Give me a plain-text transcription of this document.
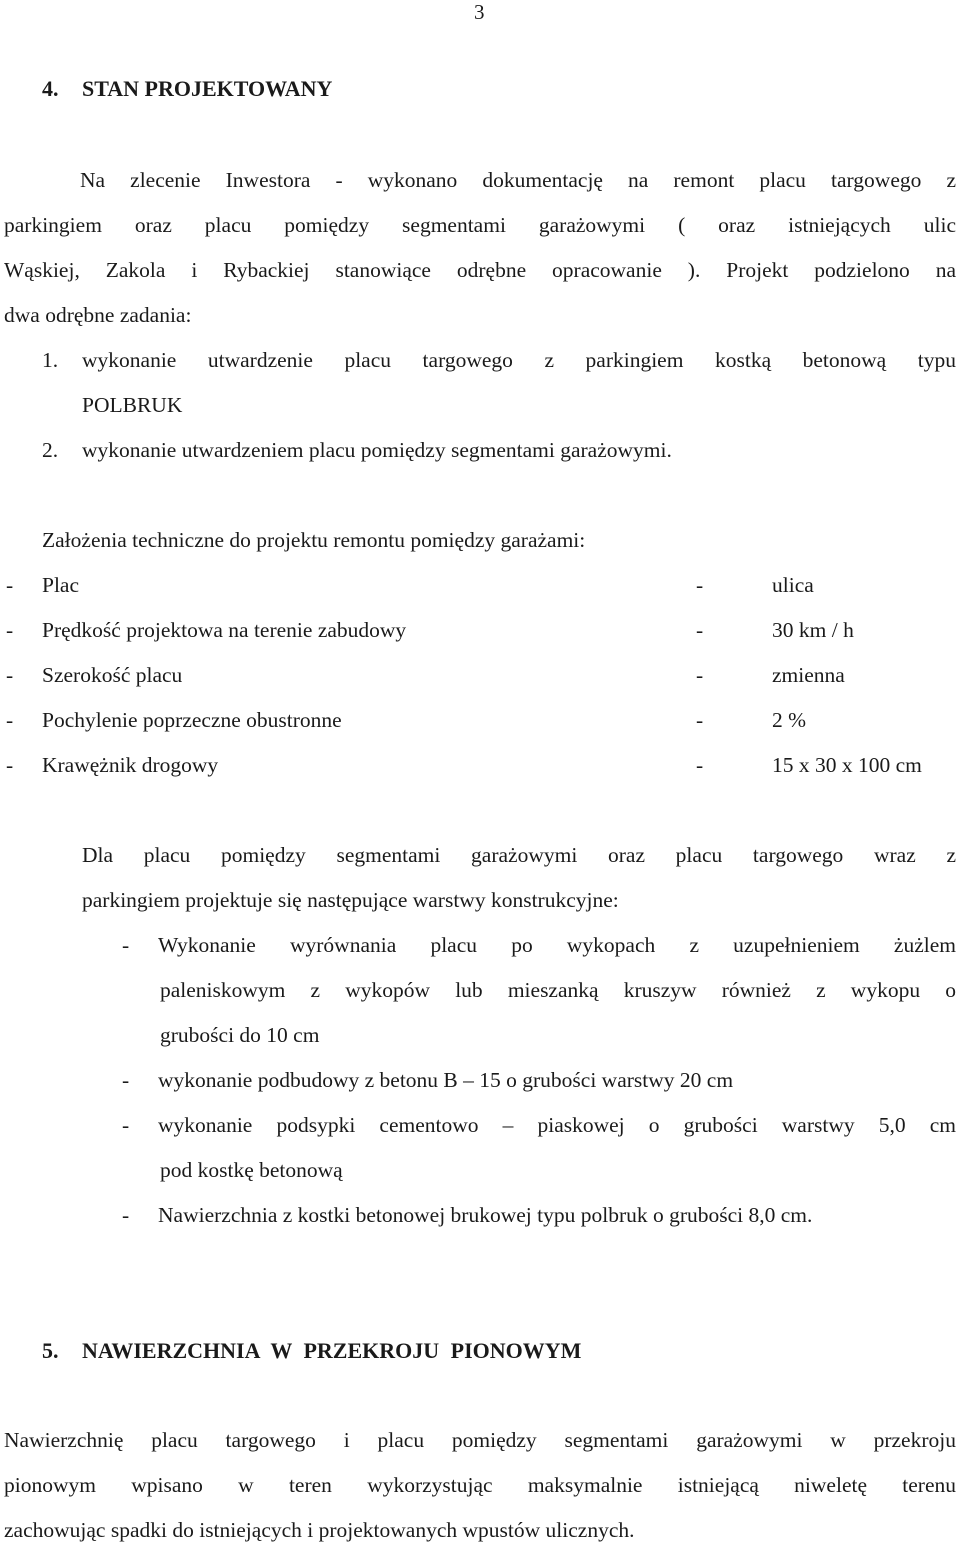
3
4. STAN PROJEKTOWANY
Na zlecenie Inwestora - wykonano dokumentację na remont placu targowego z
parkingiem oraz placu pomiędzy segmentami garażowymi ( oraz istniejących ulic
Wąskiej, Zakola i Rybackiej stanowiące odrębne opracowanie ). Projekt podzielono na
dwa odrębne zadania:
1. wykonanie utwardzenie placu targowego z parkingiem kostką betonową typu
POLBRUK
2. wykonanie utwardzeniem placu pomiędzy segmentami garażowymi.
Założenia techniczne do projektu remontu pomiędzy garażami:
- Plac	-	ulica
- Prędkość projektowa na terenie zabudowy	-	30 km / h
- Szerokość placu	-	zmienna
- Pochylenie poprzeczne obustronne	-	2 %
- Krawężnik drogowy	-	15 x 30 x 100 cm
Dla placu pomiędzy segmentami garażowymi oraz placu targowego wraz z
parkingiem projektuje się następujące warstwy konstrukcyjne:
- Wykonanie wyrównania placu po wykopach z uzupełnieniem żużlem
paleniskowym z wykopów lub mieszanką kruszyw również z wykopu o
grubości do 10 cm
- wykonanie podbudowy z betonu B – 15 o grubości warstwy 20 cm
- wykonanie podsypki cementowo – piaskowej o grubości warstwy 5,0 cm
pod kostkę betonową
- Nawierzchnia z kostki betonowej brukowej typu polbruk o grubości 8,0 cm.
5. NAWIERZCHNIA W PRZEKROJU PIONOWYM
Nawierzchnię placu targowego i placu pomiędzy segmentami garażowymi w przekroju
pionowym wpisano w teren wykorzystując maksymalnie istniejącą niweletę terenu
zachowując spadki do istniejących i projektowanych wpustów ulicznych.
